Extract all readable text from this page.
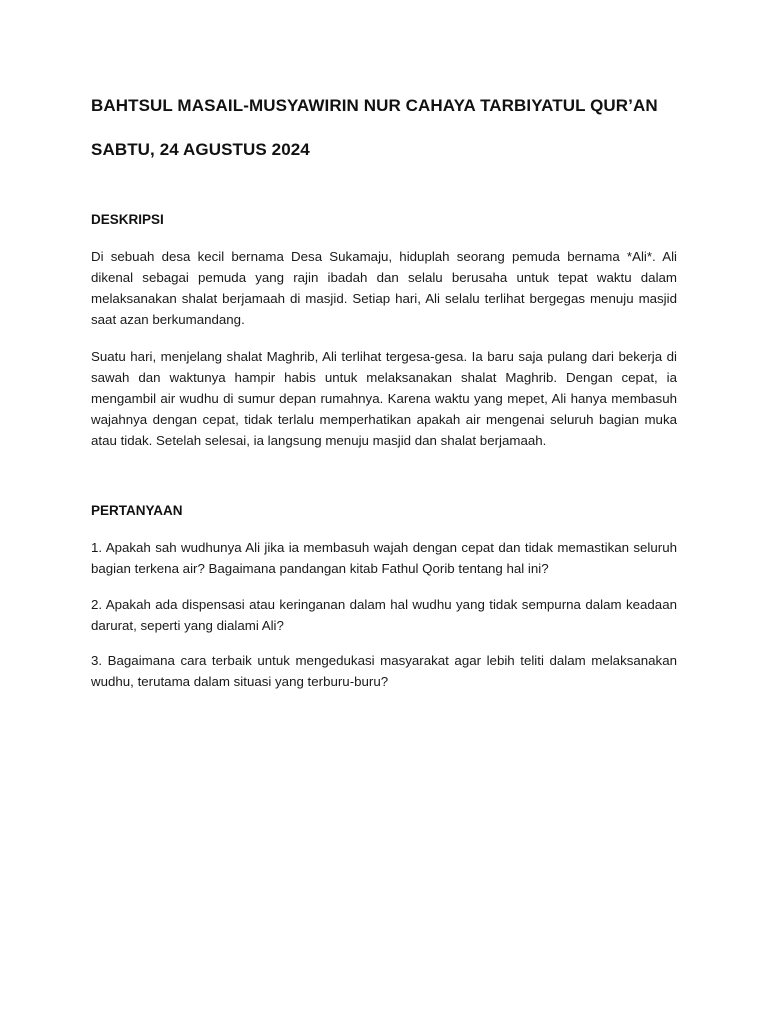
BAHTSUL MASAIL-MUSYAWIRIN NUR CAHAYA TARBIYATUL QUR’AN
SABTU, 24 AGUSTUS 2024
DESKRIPSI

Di sebuah desa kecil bernama Desa Sukamaju, hiduplah seorang pemuda bernama *Ali*. Ali dikenal sebagai pemuda yang rajin ibadah dan selalu berusaha untuk tepat waktu dalam melaksanakan shalat berjamaah di masjid. Setiap hari, Ali selalu terlihat bergegas menuju masjid saat azan berkumandang.

Suatu hari, menjelang shalat Maghrib, Ali terlihat tergesa-gesa. Ia baru saja pulang dari bekerja di sawah dan waktunya hampir habis untuk melaksanakan shalat Maghrib. Dengan cepat, ia mengambil air wudhu di sumur depan rumahnya. Karena waktu yang mepet, Ali hanya membasuh wajahnya dengan cepat, tidak terlalu memperhatikan apakah air mengenai seluruh bagian muka atau tidak. Setelah selesai, ia langsung menuju masjid dan shalat berjamaah.

PERTANYAAN

1. Apakah sah wudhunya Ali jika ia membasuh wajah dengan cepat dan tidak memastikan seluruh bagian terkena air? Bagaimana pandangan kitab Fathul Qorib tentang hal ini?

2. Apakah ada dispensasi atau keringanan dalam hal wudhu yang tidak sempurna dalam keadaan darurat, seperti yang dialami Ali?

3. Bagaimana cara terbaik untuk mengedukasi masyarakat agar lebih teliti dalam melaksanakan wudhu, terutama dalam situasi yang terburu-buru?
